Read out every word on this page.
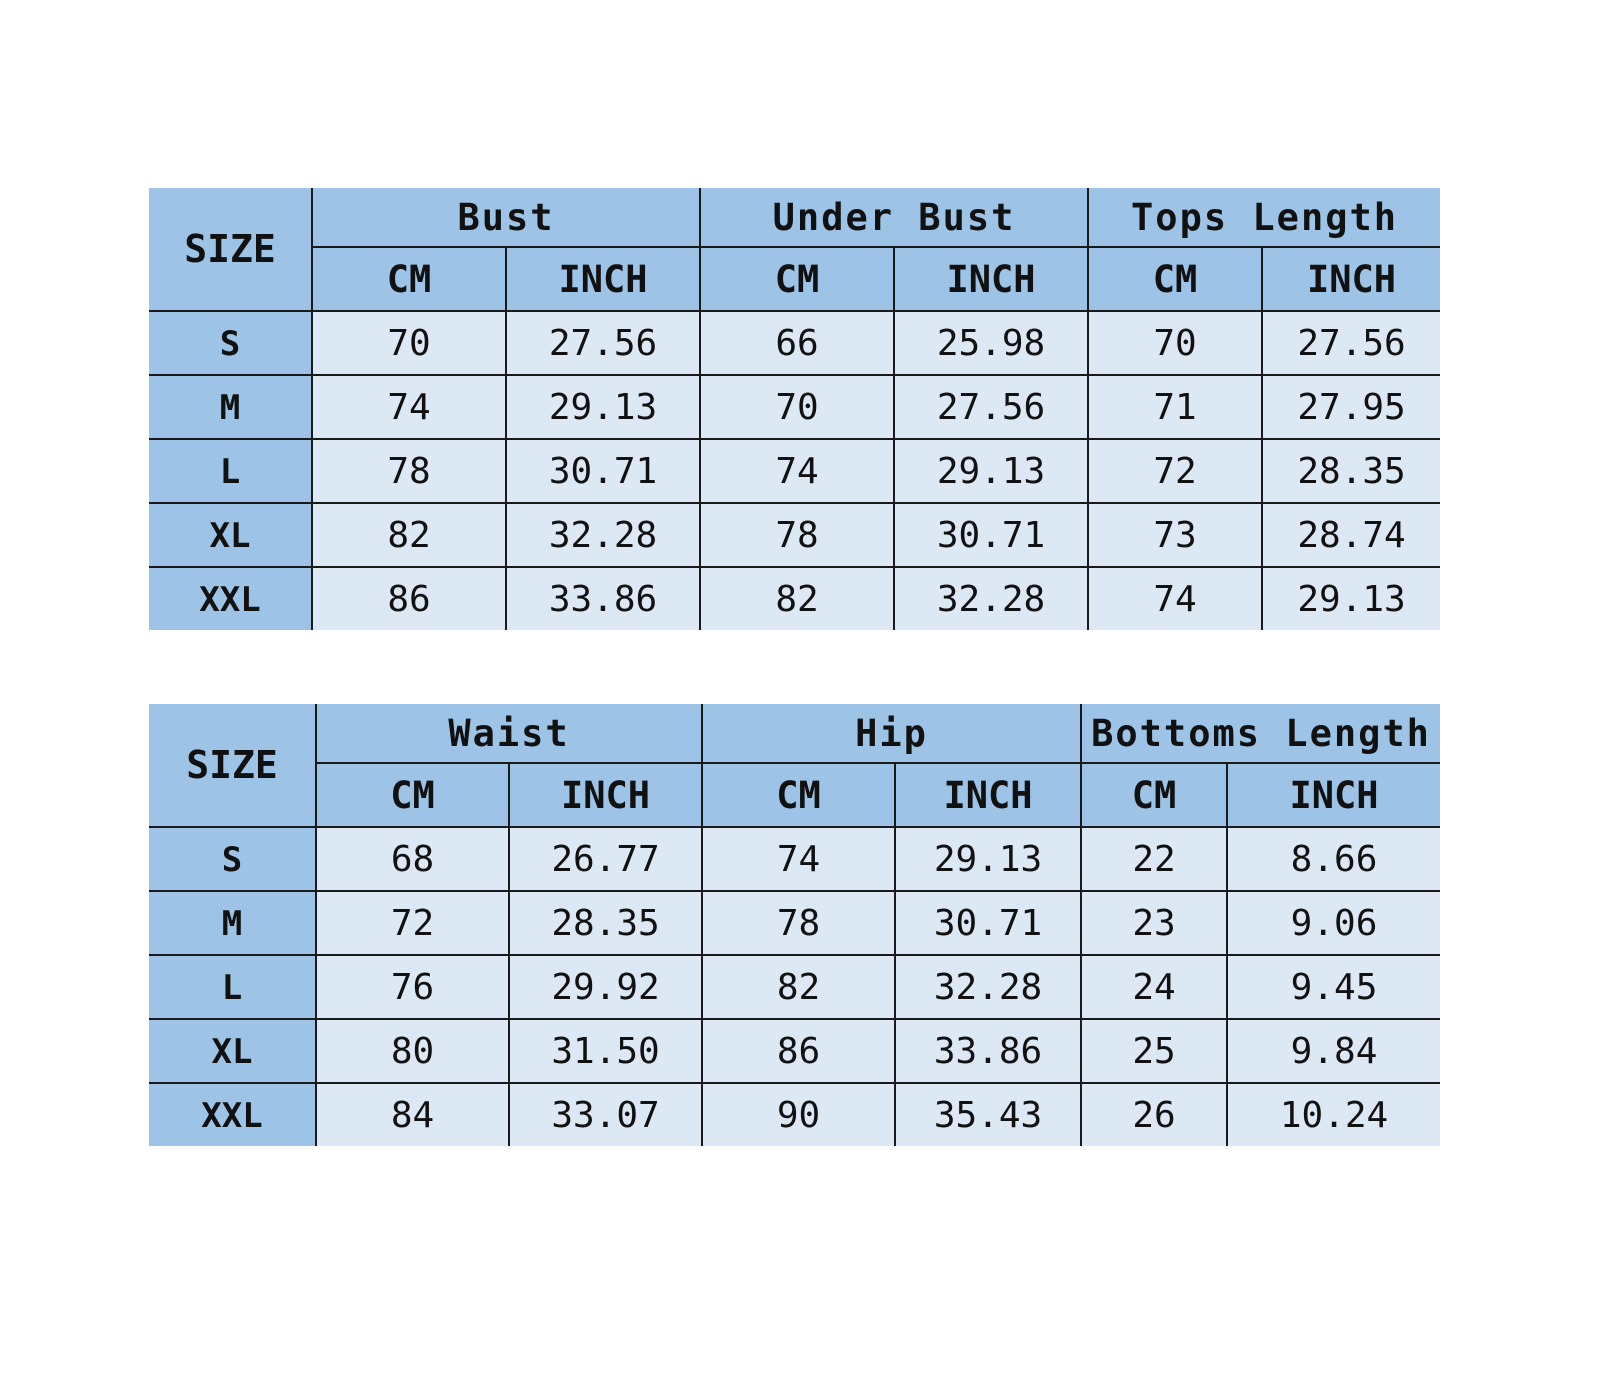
SIZE	Bust		Under Bust		Tops Length	
	CM	INCH	CM	INCH	CM	INCH
S	70	27.56	66	25.98	70	27.56
M	74	29.13	70	27.56	71	27.95
L	78	30.71	74	29.13	72	28.35
XL	82	32.28	78	30.71	73	28.74
XXL	86	33.86	82	32.28	74	29.13
SIZE	Waist		Hip		Bottoms Length	
	CM	INCH	CM	INCH	CM	INCH
S	68	26.77	74	29.13	22	8.66
M	72	28.35	78	30.71	23	9.06
L	76	29.92	82	32.28	24	9.45
XL	80	31.50	86	33.86	25	9.84
XXL	84	33.07	90	35.43	26	10.24
